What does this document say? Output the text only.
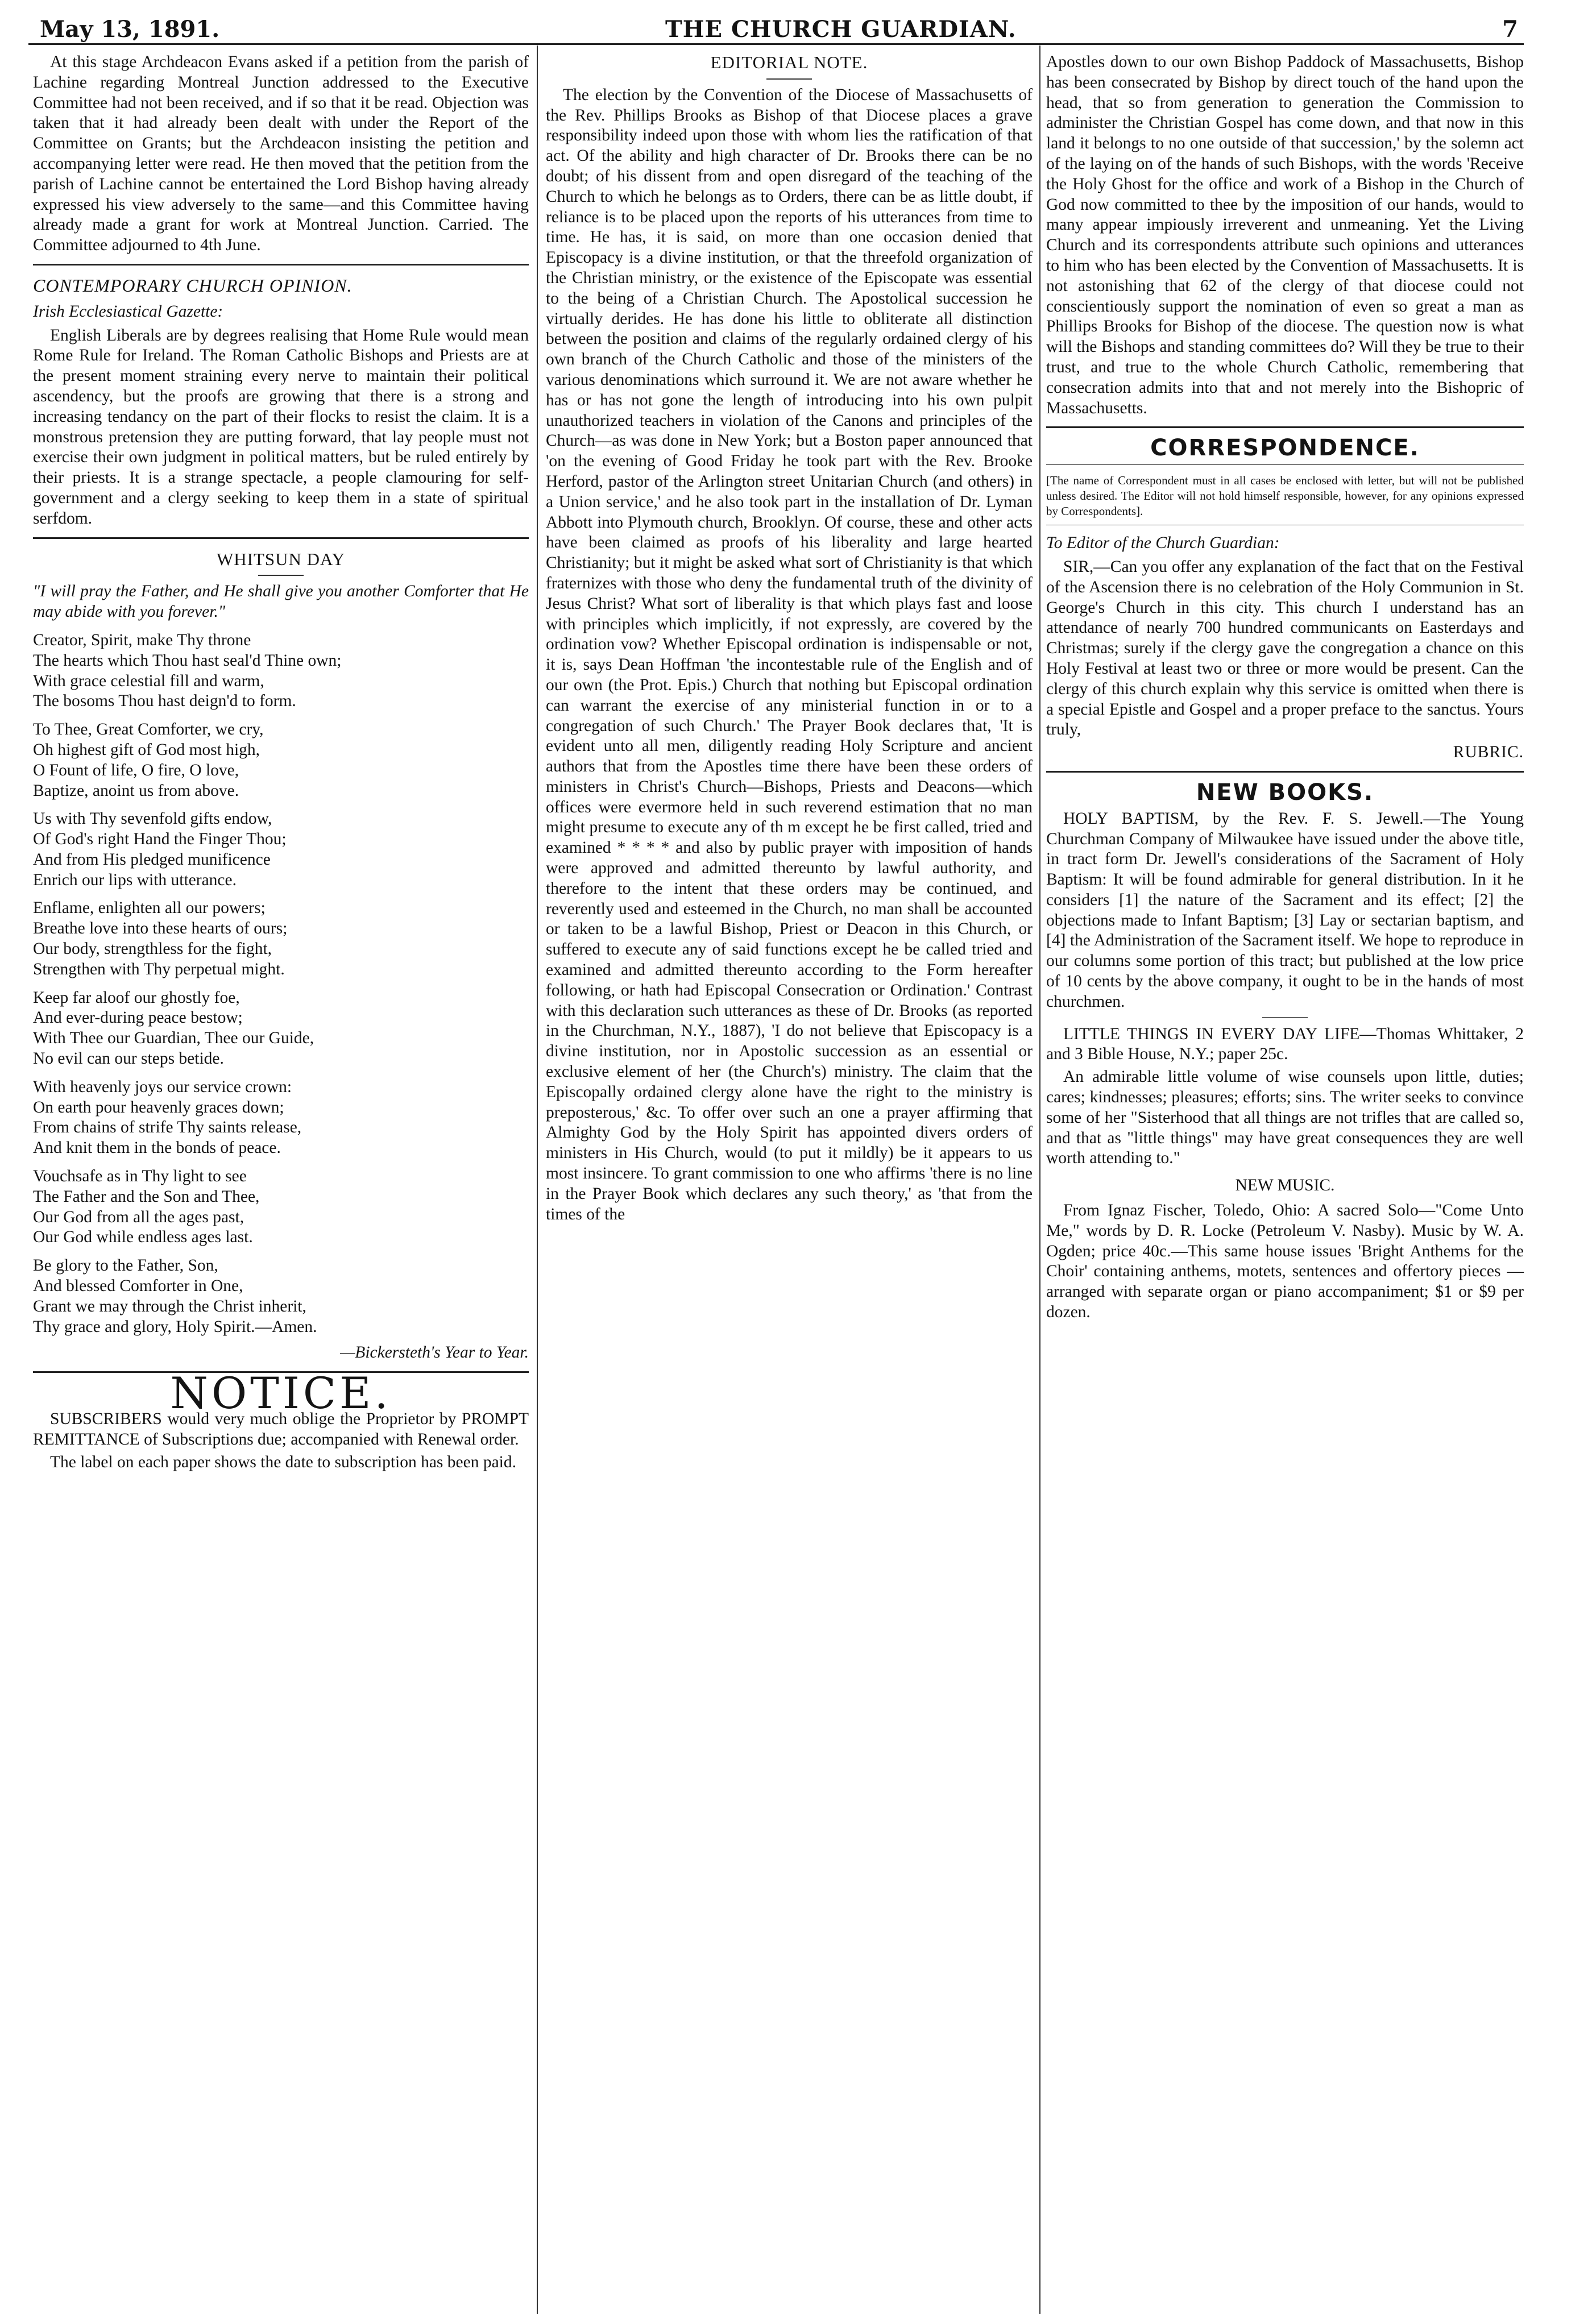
May 13, 1891.	THE CHURCH GUARDIAN.	7

At this stage Archdeacon Evans asked if a petition from the parish of Lachine regarding Montreal Junction addressed to the Executive Committee had not been received, and if so that it be read. Objection was taken that it had already been dealt with under the Report of the Committee on Grants; but the Archdeacon insisting the petition and accompanying letter were read. He then moved that the petition from the parish of Lachine cannot be entertained the Lord Bishop having already expressed his view adversely to the same—and this Committee having already made a grant for work at Montreal Junction. Carried. The Committee adjourned to 4th June.

CONTEMPORARY CHURCH OPINION.
Irish Ecclesiastical Gazette:

English Liberals are by degrees realising that Home Rule would mean Rome Rule for Ireland. The Roman Catholic Bishops and Priests are at the present moment straining every nerve to maintain their political ascendency, but the proofs are growing that there is a strong and increasing tendancy on the part of their flocks to resist the claim. It is a monstrous pretension they are putting forward, that lay people must not exercise their own judgment in political matters, but be ruled entirely by their priests. It is a strange spectacle, a people clamouring for self-government and a clergy seeking to keep them in a state of spiritual serfdom.

WHITSUN DAY

"I will pray the Father, and He shall give you another Comforter that He may abide with you forever."

Creator, Spirit, make Thy throne
The hearts which Thou hast seal'd Thine own;
With grace celestial fill and warm,
The bosoms Thou hast deign'd to form.
To Thee, Great Comforter, we cry,
Oh highest gift of God most high,
O Fount of life, O fire, O love,
Baptize, anoint us from above.
Us with Thy sevenfold gifts endow,
Of God's right Hand the Finger Thou;
And from His pledged munificence
Enrich our lips with utterance.
Enflame, enlighten all our powers;
Breathe love into these hearts of ours;
Our body, strengthless for the fight,
Strengthen with Thy perpetual might.
Keep far aloof our ghostly foe,
And ever-during peace bestow;
With Thee our Guardian, Thee our Guide,
No evil can our steps betide.
With heavenly joys our service crown:
On earth pour heavenly graces down;
From chains of strife Thy saints release,
And knit them in the bonds of peace.
Vouchsafe as in Thy light to see
The Father and the Son and Thee,
Our God from all the ages past,
Our God while endless ages last.
Be glory to the Father, Son,
And blessed Comforter in One,
Grant we may through the Christ inherit,
Thy grace and glory, Holy Spirit.—Amen.
—Bickersteth's Year to Year.
NOTICE.

SUBSCRIBERS would very much oblige the Proprietor by PROMPT REMITTANCE of Subscriptions due; accompanied with Renewal order.

The label on each paper shows the date to subscription has been paid.

EDITORIAL NOTE.

The election by the Convention of the Diocese of Massachusetts of the Rev. Phillips Brooks as Bishop of that Diocese places a grave responsibility indeed upon those with whom lies the ratification of that act. Of the ability and high character of Dr. Brooks there can be no doubt; of his dissent from and open disregard of the teaching of the Church to which he belongs as to Orders, there can be as little doubt, if reliance is to be placed upon the reports of his utterances from time to time. He has, it is said, on more than one occasion denied that Episcopacy is a divine institution, or that the threefold organization of the Christian ministry, or the existence of the Episcopate was essential to the being of a Christian Church. The Apostolical succession he virtually derides. He has done his little to obliterate all distinction between the position and claims of the regularly ordained clergy of his own branch of the Church Catholic and those of the ministers of the various denominations which surround it. We are not aware whether he has or has not gone the length of introducing into his own pulpit unauthorized teachers in violation of the Canons and principles of the Church—as was done in New York; but a Boston paper announced that 'on the evening of Good Friday he took part with the Rev. Brooke Herford, pastor of the Arlington street Unitarian Church (and others) in a Union service,' and he also took part in the installation of Dr. Lyman Abbott into Plymouth church, Brooklyn. Of course, these and other acts have been claimed as proofs of his liberality and large hearted Christianity; but it might be asked what sort of Christianity is that which fraternizes with those who deny the fundamental truth of the divinity of Jesus Christ? What sort of liberality is that which plays fast and loose with principles which implicitly, if not expressly, are covered by the ordination vow? Whether Episcopal ordination is indispensable or not, it is, says Dean Hoffman 'the incontestable rule of the English and of our own (the Prot. Epis.) Church that nothing but Episcopal ordination can warrant the exercise of any ministerial function in or to a congregation of such Church.' The Prayer Book declares that, 'It is evident unto all men, diligently reading Holy Scripture and ancient authors that from the Apostles time there have been these orders of ministers in Christ's Church—Bishops, Priests and Deacons—which offices were evermore held in such reverend estimation that no man might presume to execute any of th m except he be first called, tried and examined * * * * and also by public prayer with imposition of hands were approved and admitted thereunto by lawful authority, and therefore to the intent that these orders may be continued, and reverently used and esteemed in the Church, no man shall be accounted or taken to be a lawful Bishop, Priest or Deacon in this Church, or suffered to execute any of said functions except he be called tried and examined and admitted thereunto according to the Form hereafter following, or hath had Episcopal Consecration or Ordination.' Contrast with this declaration such utterances as these of Dr. Brooks (as reported in the Churchman, N.Y., 1887), 'I do not believe that Episcopacy is a divine institution, nor in Apostolic succession as an essential or exclusive element of her (the Church's) ministry. The claim that the Episcopally ordained clergy alone have the right to the ministry is preposterous,' &c. To offer over such an one a prayer affirming that Almighty God by the Holy Spirit has appointed divers orders of ministers in His Church, would (to put it mildly) be it appears to us most insincere. To grant commission to one who affirms 'there is no line in the Prayer Book which declares any such theory,' as 'that from the times of the

Apostles down to our own Bishop Paddock of Massachusetts, Bishop has been consecrated by Bishop by direct touch of the hand upon the head, that so from generation to generation the Commission to administer the Christian Gospel has come down, and that now in this land it belongs to no one outside of that succession,' by the solemn act of the laying on of the hands of such Bishops, with the words 'Receive the Holy Ghost for the office and work of a Bishop in the Church of God now committed to thee by the imposition of our hands, would to many appear impiously irreverent and unmeaning. Yet the Living Church and its correspondents attribute such opinions and utterances to him who has been elected by the Convention of Massachusetts. It is not astonishing that 62 of the clergy of that diocese could not conscientiously support the nomination of even so great a man as Phillips Brooks for Bishop of the diocese. The question now is what will the Bishops and standing committees do? Will they be true to their trust, and true to the whole Church Catholic, remembering that consecration admits into that and not merely into the Bishopric of Massachusetts.

CORRESPONDENCE.
[The name of Correspondent must in all cases be enclosed with letter, but will not be published unless desired. The Editor will not hold himself responsible, however, for any opinions expressed by Correspondents].
To Editor of the Church Guardian:

SIR,—Can you offer any explanation of the fact that on the Festival of the Ascension there is no celebration of the Holy Communion in St. George's Church in this city. This church I understand has an attendance of nearly 700 hundred communicants on Easterdays and Christmas; surely if the clergy gave the congregation a chance on this Holy Festival at least two or three or more would be present. Can the clergy of this church explain why this service is omitted when there is a special Epistle and Gospel and a proper preface to the sanctus. Yours truly,

RUBRIC.
NEW BOOKS.

HOLY BAPTISM, by the Rev. F. S. Jewell.—The Young Churchman Company of Milwaukee have issued under the above title, in tract form Dr. Jewell's considerations of the Sacrament of Holy Baptism: It will be found admirable for general distribution. In it he considers [1] the nature of the Sacrament and its effect; [2] the objections made to Infant Baptism; [3] Lay or sectarian baptism, and [4] the Administration of the Sacrament itself. We hope to reproduce in our columns some portion of this tract; but published at the low price of 10 cents by the above company, it ought to be in the hands of most churchmen.

LITTLE THINGS IN EVERY DAY LIFE—Thomas Whittaker, 2 and 3 Bible House, N.Y.; paper 25c.

An admirable little volume of wise counsels upon little, duties; cares; kindnesses; pleasures; efforts; sins. The writer seeks to convince some of her "Sisterhood that all things are not trifles that are called so, and that as "little things" may have great consequences they are well worth attending to."

NEW MUSIC.

From Ignaz Fischer, Toledo, Ohio: A sacred Solo—"Come Unto Me," words by D. R. Locke (Petroleum V. Nasby). Music by W. A. Ogden; price 40c.—This same house issues 'Bright Anthems for the Choir' containing anthems, motets, sentences and offertory pieces —arranged with separate organ or piano accompaniment; $1 or $9 per dozen.
